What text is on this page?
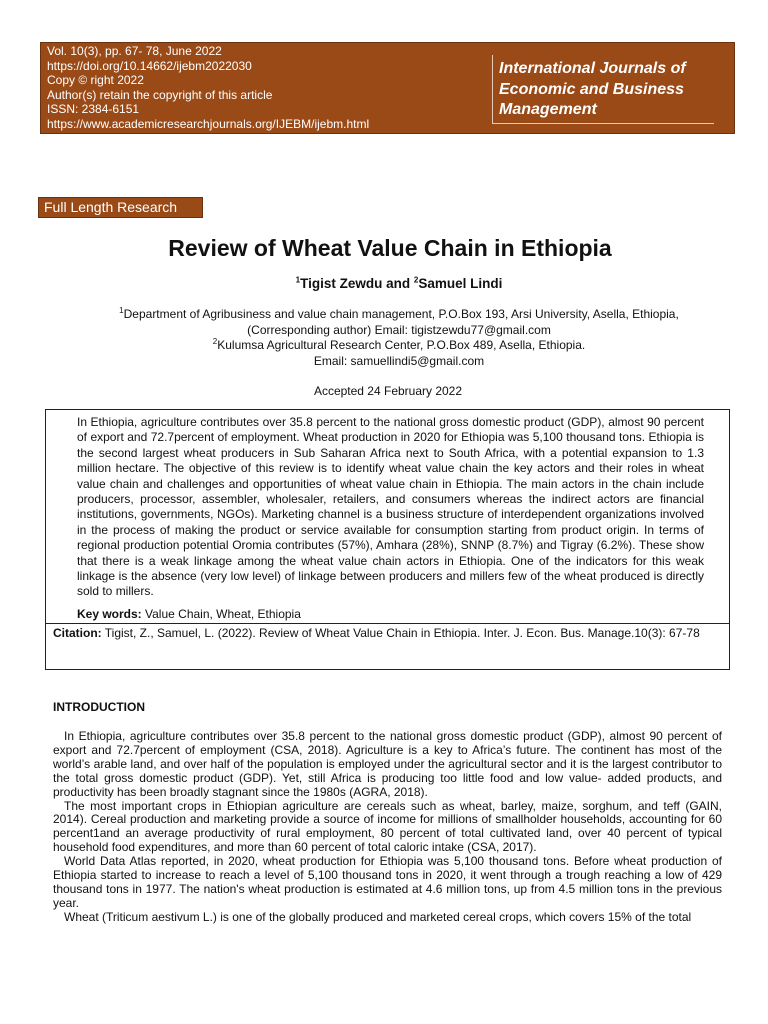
Vol. 10(3), pp. 67- 78, June 2022
https://doi.org/10.14662/ijebm2022030
Copy © right 2022
Author(s) retain the copyright of this article
ISSN: 2384-6151
https://www.academicresearchjournals.org/IJEBM/ijebm.html
International Journals of
Economic and Business
Management
Full Length Research
Review of Wheat Value Chain in Ethiopia
$^1$Tigist Zewdu and $^2$Samuel Lindi
$^1$Department of Agribusiness and value chain management, P.O.Box 193, Arsi University, Asella, Ethiopia,
(Corresponding author) Email: tigistzewdu77@gmail.com
$^2$Kulumsa Agricultural Research Center, P.O.Box 489, Asella, Ethiopia.
Email: samuellindi5@gmail.com
Accepted 24 February 2022
In Ethiopia, agriculture contributes over 35.8 percent to the national gross domestic product (GDP), almost 90 percent of export and 72.7percent of employment. Wheat production in 2020 for Ethiopia was 5,100 thousand tons. Ethiopia is the second largest wheat producers in Sub Saharan Africa next to South Africa, with a potential expansion to 1.3 million hectare. The objective of this review is to identify wheat value chain the key actors and their roles in wheat value chain and challenges and opportunities of wheat value chain in Ethiopia. The main actors in the chain include producers, processor, assembler, wholesaler, retailers, and consumers whereas the indirect actors are financial institutions, governments, NGOs). Marketing channel is a business structure of interdependent organizations involved in the process of making the product or service available for consumption starting from product origin. In terms of regional production potential Oromia contributes (57%), Amhara (28%), SNNP (8.7%) and Tigray (6.2%). These show that there is a weak linkage among the wheat value chain actors in Ethiopia. One of the indicators for this weak linkage is the absence (very low level) of linkage between producers and millers few of the wheat produced is directly sold to millers.
Key words: Value Chain, Wheat, Ethiopia
Citation: Tigist, Z., Samuel, L. (2022). Review of Wheat Value Chain in Ethiopia. Inter. J. Econ. Bus. Manage.10(3): 67-78
INTRODUCTION

In Ethiopia, agriculture contributes over 35.8 percent to the national gross domestic product (GDP), almost 90 percent of export and 72.7percent of employment (CSA, 2018). Agriculture is a key to Africa’s future. The continent has most of the world’s arable land, and over half of the population is employed under the agricultural sector and it is the largest contributor to the total gross domestic product (GDP). Yet, still Africa is producing too little food and low value- added products, and productivity has been broadly stagnant since the 1980s (AGRA, 2018).

The most important crops in Ethiopian agriculture are cereals such as wheat, barley, maize, sorghum, and teff (GAIN, 2014). Cereal production and marketing provide a source of income for millions of smallholder households, accounting for 60 percent1and an average productivity of rural employment, 80 percent of total cultivated land, over 40 percent of typical household food expenditures, and more than 60 percent of total caloric intake (CSA, 2017).

World Data Atlas reported, in 2020, wheat production for Ethiopia was 5,100 thousand tons. Before wheat production of Ethiopia started to increase to reach a level of 5,100 thousand tons in 2020, it went through a trough reaching a low of 429 thousand tons in 1977. The nation's wheat production is estimated at 4.6 million tons, up from 4.5 million tons in the previous year.

Wheat (Triticum aestivum L.) is one of the globally produced and marketed cereal crops, which covers 15% of the total
